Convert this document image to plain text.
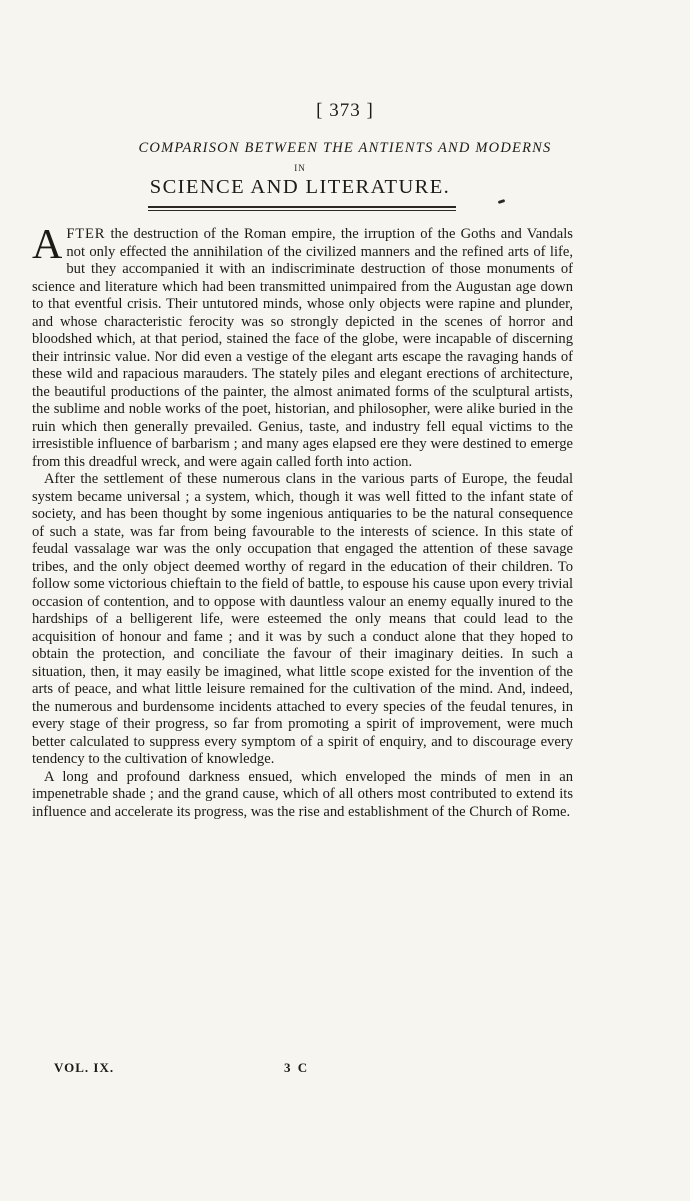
[ 373 ]
COMPARISON BETWEEN THE ANTIENTS AND MODERNS
IN
SCIENCE AND LITERATURE.

AFTER the destruction of the Roman empire, the irruption of the Goths and Vandals not only effected the annihilation of the civilized manners and the refined arts of life, but they accompanied it with an indiscriminate destruction of those monuments of science and literature which had been transmitted unimpaired from the Augustan age down to that eventful crisis. Their untutored minds, whose only objects were rapine and plunder, and whose characteristic ferocity was so strongly depicted in the scenes of horror and bloodshed which, at that period, stained the face of the globe, were incapable of discerning their intrinsic value. Nor did even a vestige of the elegant arts escape the ravaging hands of these wild and rapacious marauders. The stately piles and elegant erections of architecture, the beautiful productions of the painter, the almost animated forms of the sculptural artists, the sublime and noble works of the poet, historian, and philosopher, were alike buried in the ruin which then generally prevailed. Genius, taste, and industry fell equal victims to the irresistible influence of barbarism ; and many ages elapsed ere they were destined to emerge from this dreadful wreck, and were again called forth into action.

After the settlement of these numerous clans in the various parts of Europe, the feudal system became universal ; a system, which, though it was well fitted to the infant state of society, and has been thought by some ingenious antiquaries to be the natural consequence of such a state, was far from being favourable to the interests of science. In this state of feudal vassalage war was the only occupation that engaged the attention of these savage tribes, and the only object deemed worthy of regard in the education of their children. To follow some victorious chieftain to the field of battle, to espouse his cause upon every trivial occasion of contention, and to oppose with dauntless valour an enemy equally inured to the hardships of a belligerent life, were esteemed the only means that could lead to the acquisition of honour and fame ; and it was by such a conduct alone that they hoped to obtain the protection, and conciliate the favour of their imaginary deities. In such a situation, then, it may easily be imagined, what little scope existed for the invention of the arts of peace, and what little leisure remained for the cultivation of the mind. And, indeed, the numerous and burdensome incidents attached to every species of the feudal tenures, in every stage of their progress, so far from promoting a spirit of improvement, were much better calculated to suppress every symptom of a spirit of enquiry, and to discourage every tendency to the cultivation of knowledge.

A long and profound darkness ensued, which enveloped the minds of men in an impenetrable shade ; and the grand cause, which of all others most contributed to extend its influence and accelerate its progress, was the rise and establishment of the Church of Rome.

VOL. IX.	3 C
